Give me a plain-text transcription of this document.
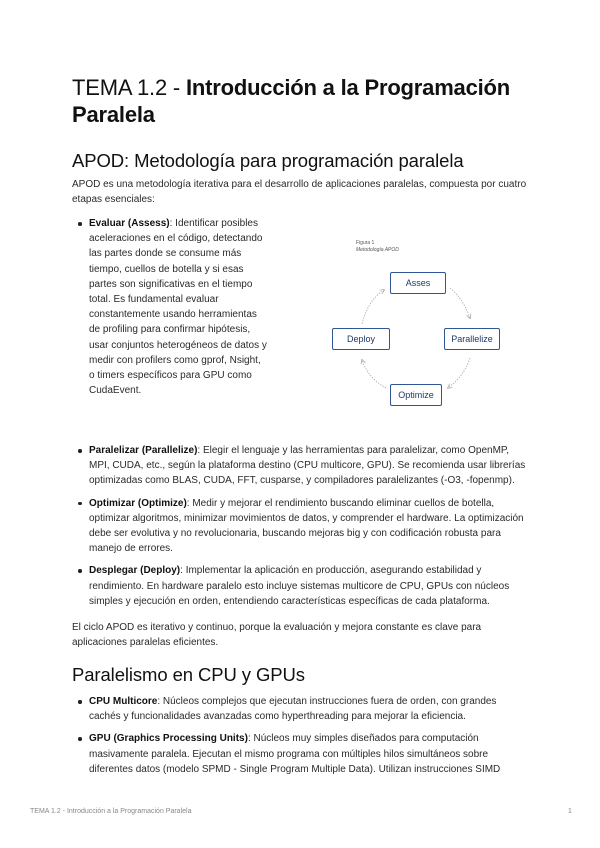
TEMA 1.2 - Introducción a la Programación Paralela
APOD: Metodología para programación paralela

APOD es una metodología iterativa para el desarrollo de aplicaciones paralelas, compuesta por cuatro etapas esenciales:

Evaluar (Assess): Identificar posibles aceleraciones en el código, detectando las partes donde se consume más tiempo, cuellos de botella y si esas partes son significativas en el tiempo total. Es fundamental evaluar constantemente usando herramientas de profiling para confirmar hipótesis, usar conjuntos heterogéneos de datos y medir con profilers como gprof, Nsight, o timers específicos para GPU como CudaEvent.
Figura 1
Metodología APOD
Asses
Parallelize
Optimize
Deploy
Paralelizar (Parallelize): Elegir el lenguaje y las herramientas para paralelizar, como OpenMP, MPI, CUDA, etc., según la plataforma destino (CPU multicore, GPU). Se recomienda usar librerías optimizadas como BLAS, CUDA, FFT, cusparse, y compiladores paralelizantes (-O3, -fopenmp).
Optimizar (Optimize): Medir y mejorar el rendimiento buscando eliminar cuellos de botella, optimizar algoritmos, minimizar movimientos de datos, y comprender el hardware. La optimización debe ser evolutiva y no revolucionaria, buscando mejoras big y con codificación robusta para manejo de errores.
Desplegar (Deploy): Implementar la aplicación en producción, asegurando estabilidad y rendimiento. En hardware paralelo esto incluye sistemas multicore de CPU, GPUs con núcleos simples y ejecución en orden, entendiendo características específicas de cada plataforma.

El ciclo APOD es iterativo y continuo, porque la evaluación y mejora constante es clave para aplicaciones paralelas eficientes.

Paralelismo en CPU y GPUs
CPU Multicore: Núcleos complejos que ejecutan instrucciones fuera de orden, con grandes cachés y funcionalidades avanzadas como hyperthreading para mejorar la eficiencia.
GPU (Graphics Processing Units): Núcleos muy simples diseñados para computación masivamente paralela. Ejecutan el mismo programa con múltiples hilos simultáneos sobre diferentes datos (modelo SPMD - Single Program Multiple Data). Utilizan instrucciones SIMD
TEMA 1.2 - Introducción a la Programación Paralela	1
